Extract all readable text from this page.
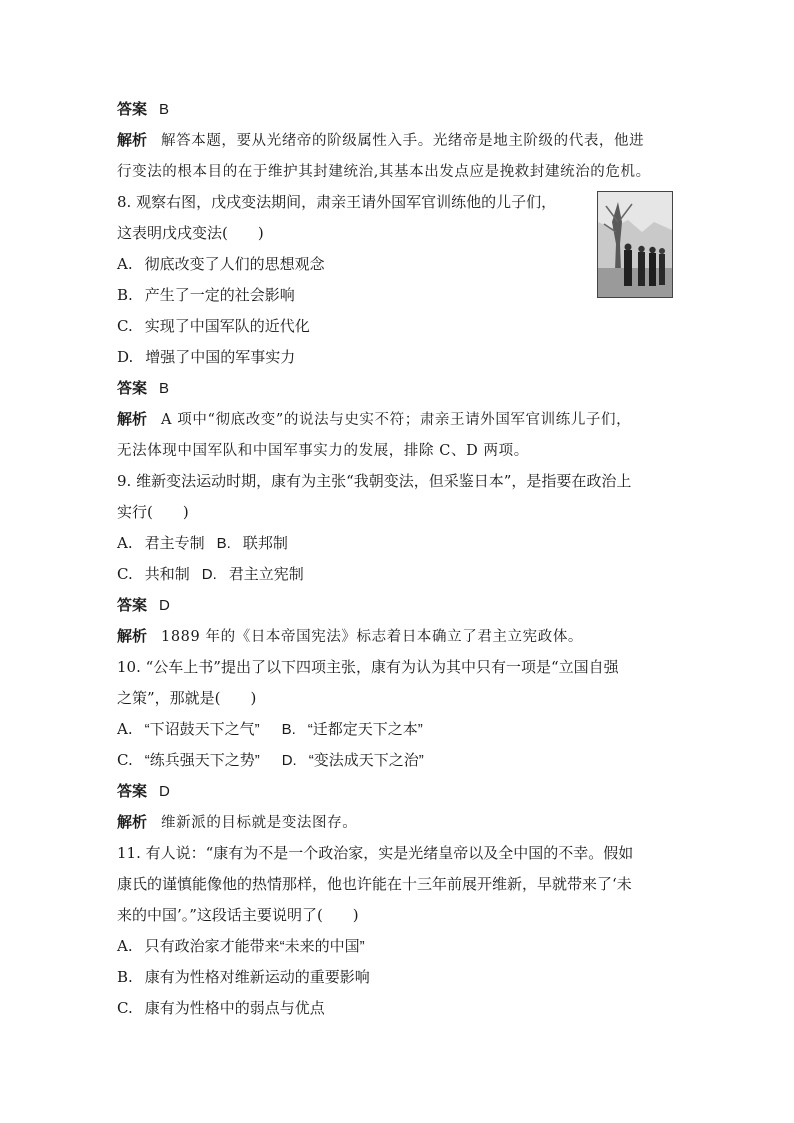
答案 B
解析 解答本题，要从光绪帝的阶级属性入手。光绪帝是地主阶级的代表，他进
行变法的根本目的在于维护其封建统治,其基本出发点应是挽救封建统治的危机。
8. 观察右图，戊戌变法期间，肃亲王请外国军官训练他的儿子们，
这表明戊戌变法(　　)
A. 彻底改变了人们的思想观念
B. 产生了一定的社会影响
C. 实现了中国军队的近代化
D. 增强了中国的军事实力
答案 B
解析 A 项中“彻底改变”的说法与史实不符；肃亲王请外国军官训练儿子们，
无法体现中国军队和中国军事实力的发展，排除 C、D 两项。
9. 维新变法运动时期，康有为主张“我朝变法，但采鉴日本”，是指要在政治上
实行(　　)
A. 君主专制 B. 联邦制
C. 共和制 D. 君主立宪制
答案 D
解析 1889 年的《日本帝国宪法》标志着日本确立了君主立宪政体。
10. “公车上书”提出了以下四项主张，康有为认为其中只有一项是“立国自强
之策”，那就是(　　)
A. “下诏鼓天下之气” B. “迁都定天下之本”
C. “练兵强天下之势” D. “变法成天下之治”
答案 D
解析 维新派的目标就是变法图存。
11. 有人说：“康有为不是一个政治家，实是光绪皇帝以及全中国的不幸。假如
康氏的谨慎能像他的热情那样，他也许能在十三年前展开维新，早就带来了‘未
来的中国’。”这段话主要说明了(　　)
A. 只有政治家才能带来“未来的中国”
B. 康有为性格对维新运动的重要影响
C. 康有为性格中的弱点与优点
